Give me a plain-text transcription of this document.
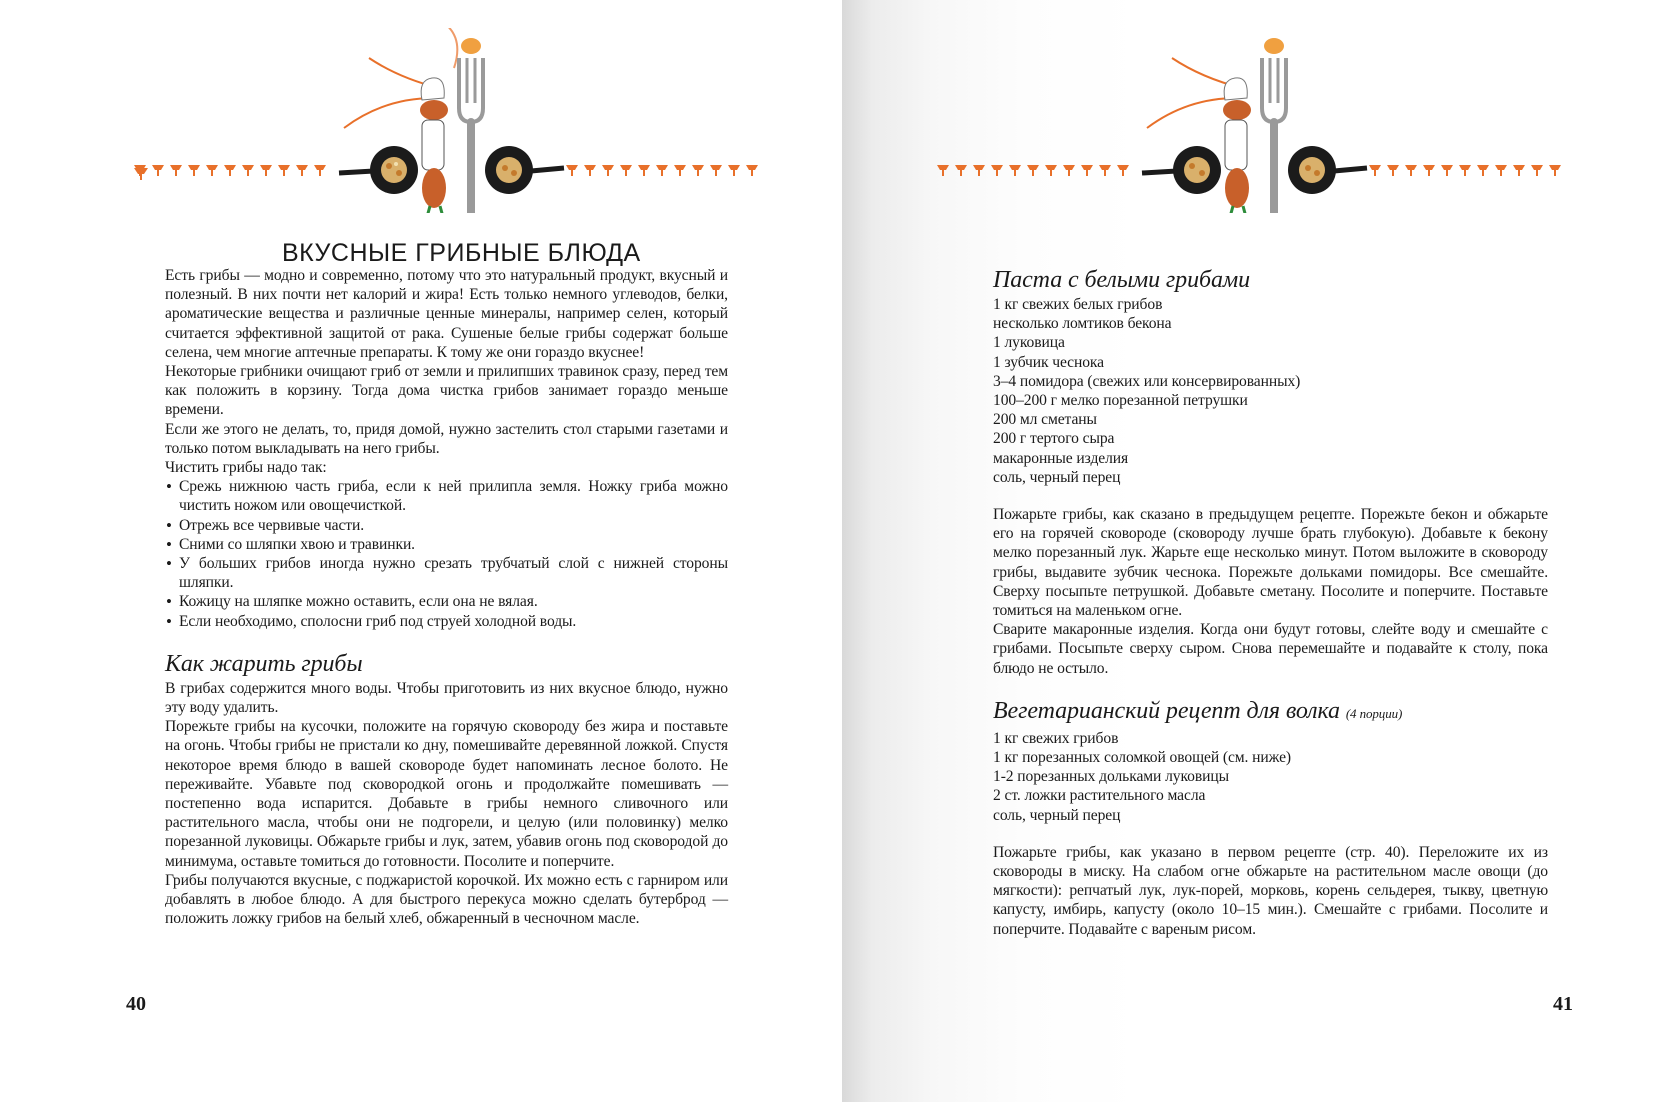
ВКУСНЫЕ ГРИБНЫЕ БЛЮДА

Есть грибы — модно и современно, потому что это натуральный продукт, вкусный и полезный. В них почти нет калорий и жира! Есть только немного углеводов, белки, ароматические вещества и различные ценные минералы, например селен, который считается эффективной защитой от рака. Сушеные белые грибы содержат больше селена, чем многие аптечные препараты. К тому же они гораздо вкуснее!

Некоторые грибники очищают гриб от земли и прилипших травинок сразу, перед тем как положить в корзину. Тогда дома чистка грибов занимает гораздо меньше времени.

Если же этого не делать, то, придя домой, нужно застелить стол старыми газетами и только потом выкладывать на него грибы.

Чистить грибы надо так:

• Срежь нижнюю часть гриба, если к ней прилипла земля. Ножку гриба можно чистить ножом или овощечисткой.
• Отрежь все червивые части.
• Сними со шляпки хвою и травинки.
• У больших грибов иногда нужно срезать трубчатый слой с нижней стороны шляпки.
• Кожицу на шляпке можно оставить, если она не вялая.
• Если необходимо, сполосни гриб под струей холодной воды.
Как жарить грибы

В грибах содержится много воды. Чтобы приготовить из них вкусное блюдо, нужно эту воду удалить.

Порежьте грибы на кусочки, положите на горячую сковороду без жира и поставьте на огонь. Чтобы грибы не пристали ко дну, помешивайте деревянной ложкой. Спустя некоторое время блюдо в вашей сковороде будет напоминать лесное болото. Не переживайте. Убавьте под сковородкой огонь и продолжайте помешивать — постепенно вода испарится. Добавьте в грибы немного сливочного или растительного масла, чтобы они не подгорели, и целую (или половинку) мелко порезанной луковицы. Обжарьте грибы и лук, затем, убавив огонь под сковородой до минимума, оставьте томиться до готовности. Посолите и поперчите.

Грибы получаются вкусные, с поджаристой корочкой. Их можно есть с гарниром или добавлять в любое блюдо. А для быстрого перекуса можно сделать бутерброд — положить ложку грибов на белый хлеб, обжаренный в чесночном масле.

40
Паста с белыми грибами

1 кг свежих белых грибов

несколько ломтиков бекона

1 луковица

1 зубчик чеснока

3–4 помидора (свежих или консервированных)

100–200 г мелко порезанной петрушки

200 мл сметаны

200 г тертого сыра

макаронные изделия

соль, черный перец

Пожарьте грибы, как сказано в предыдущем рецепте. Порежьте бекон и обжарьте его на горячей сковороде (сковороду лучше брать глубокую). Добавьте к бекону мелко порезанный лук. Жарьте еще несколько минут. Потом выложите в сковороду грибы, выдавите зубчик чеснока. Порежьте дольками помидоры. Все смешайте. Сверху посыпьте петрушкой. Добавьте сметану. Посолите и поперчите. Поставьте томиться на маленьком огне.

Сварите макаронные изделия. Когда они будут готовы, слейте воду и смешайте с грибами. Посыпьте сверху сыром. Снова перемешайте и подавайте к столу, пока блюдо не остыло.

Вегетарианский рецепт для волка (4 порции)

1 кг свежих грибов

1 кг порезанных соломкой овощей (см. ниже)

1-2 порезанных дольками луковицы

2 ст. ложки растительного масла

соль, черный перец

Пожарьте грибы, как указано в первом рецепте (стр. 40). Переложите их из сковороды в миску. На слабом огне обжарьте на растительном масле овощи (до мягкости): репчатый лук, лук-порей, морковь, корень сельдерея, тыкву, цветную капусту, имбирь, капусту (около 10–15 мин.). Смешайте с грибами. Посолите и поперчите. Подавайте с вареным рисом.

41
